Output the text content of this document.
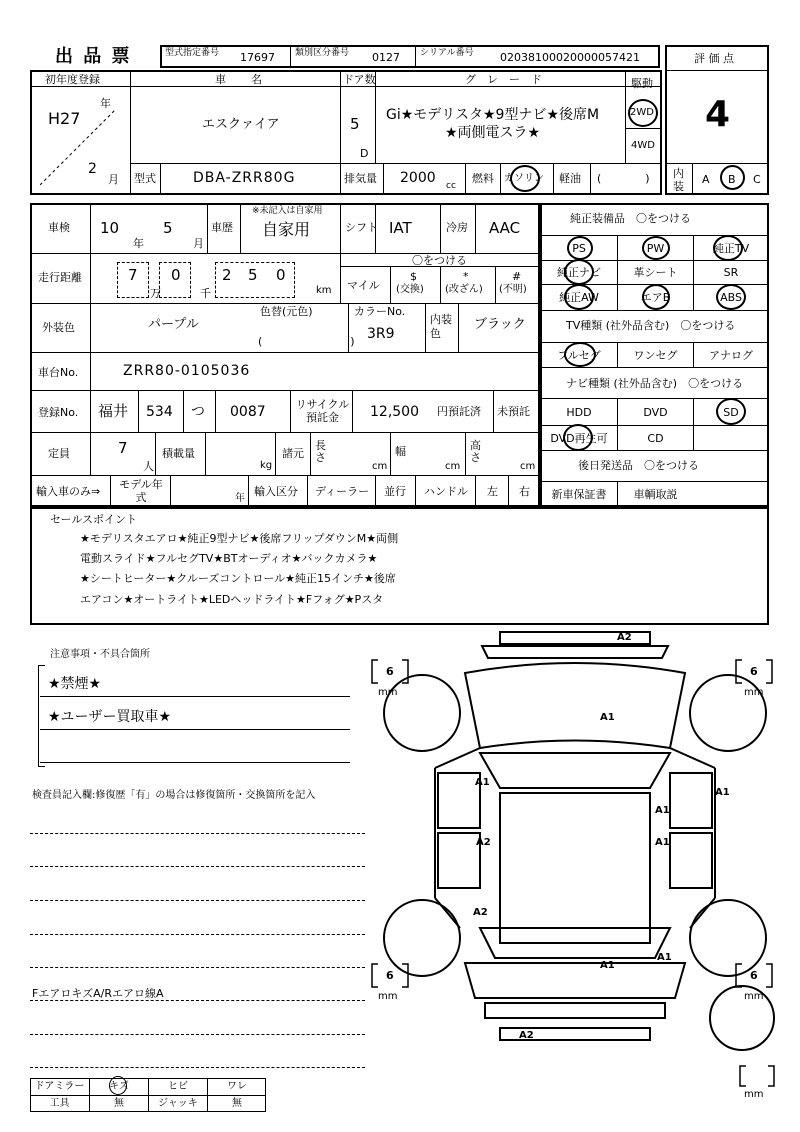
出 品 票	型式指定番号 17697 類別区分番号 0127 シリアル番号 02038100020000057421	評 価 点
4
内装
A B C
初年度登録
H27
年
2
月
車　　名
エスクァイア
ドア数
5
D
グ　レ　ー　ド
Gi★モデリスタ★9型ナビ★後席M
★両側電スラ★
駆動
2WD
4WD
型式	DBA-ZRR80G	排気量 2000 cc
燃料 ガソリン 軽油 (　　　　)
車検 10
年
5
月
車歴
※未記入は自家用
自家用	シフト IAT	冷房 AAC
走行距離	7
万
0
千
2 5 0
km
〇をつける
マイル
$
(交換)
*
(改ざん)
#
(不明)
外装色	パープル
色替(元色)
(　　　　　　　　)
カラーNo.
3R9
内装色
ブラック
車台No.	ZRR80-0105036
登録No. 福井 534 つ 0087	リサイクル預託金	12,500 円預託済 未預託
定員	7
人
積載量
kg
諸元
長さ
cm
幅
cm
高さ
cm
輸入車のみ⇒
モデル年式	年
輸入区分 ディーラー 並行 ハンドル 左 右
純正装備品　〇をつける
PS	PW	純正TV
純正ナビ	革シート	SR
純正AW	エアB	ABS
TV種類 (社外品含む)　〇をつける
フルセグ	ワンセグ	アナログ
ナビ種類 (社外品含む)　〇をつける
HDD	DVD	SD
DVD再生可	CD
後日発送品　〇をつける
新車保証書	車輌取説
セールスポイント
★モデリスタエアロ★純正9型ナビ★後席フリップダウンM★両側
電動スライド★フルセグTV★BTオーディオ★バックカメラ★
★シートヒーター★クルーズコントロール★純正15インチ★後席
エアコン★オートライト★LEDヘッドライト★Fフォグ★Pスタ
注意事項・不具合箇所
★禁煙★
★ユーザー買取車★
検査員記入欄:修復歴「有」の場合は修復箇所・交換箇所を記入
FエアロキズA/Rエアロ線A
ドアミラー	キズ	ヒビ	ワレ
工具	無	ジャッキ	無
A2
A1
A1
A1
A1
A2	A1
A2
A1
A1
A2
6
mm
6
mm
6
mm
6
mm
mm
